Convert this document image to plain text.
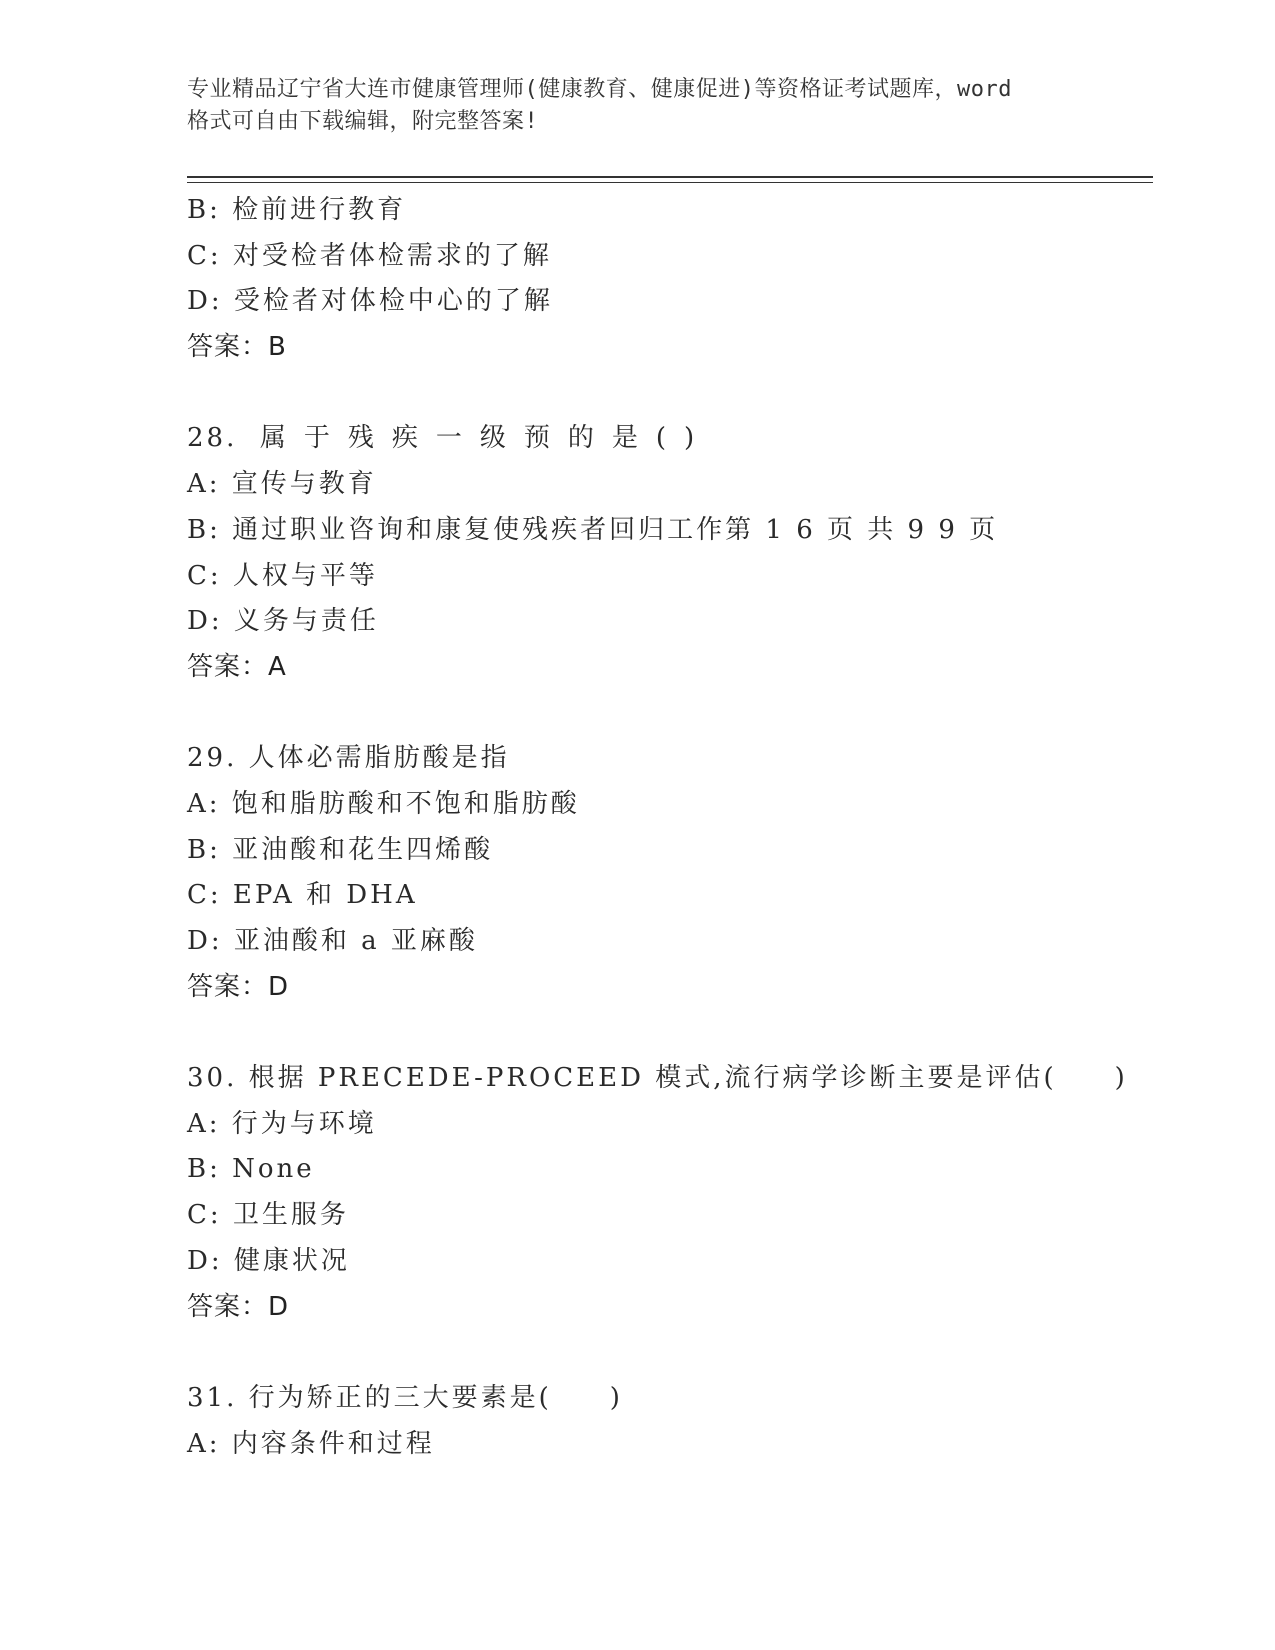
专业精品辽宁省大连市健康管理师(健康教育、健康促进)等资格证考试题库，word
格式可自由下载编辑，附完整答案!
B: 检前进行教育
C: 对受检者体检需求的了解
D: 受检者对体检中心的了解
答案：B
28. 属于残疾一级预的是()
A: 宣传与教育
B: 通过职业咨询和康复使残疾者回归工作第 1 6 页 共 9 9 页
C: 人权与平等
D: 义务与责任
答案：A
29. 人体必需脂肪酸是指
A: 饱和脂肪酸和不饱和脂肪酸
B: 亚油酸和花生四烯酸
C: EPA 和 DHA
D: 亚油酸和 a 亚麻酸
答案：D
30. 根据 PRECEDE-PROCEED 模式,流行病学诊断主要是评估(　　)
A: 行为与环境
B: None
C: 卫生服务
D: 健康状况
答案：D
31. 行为矫正的三大要素是(　　)
A: 内容条件和过程
